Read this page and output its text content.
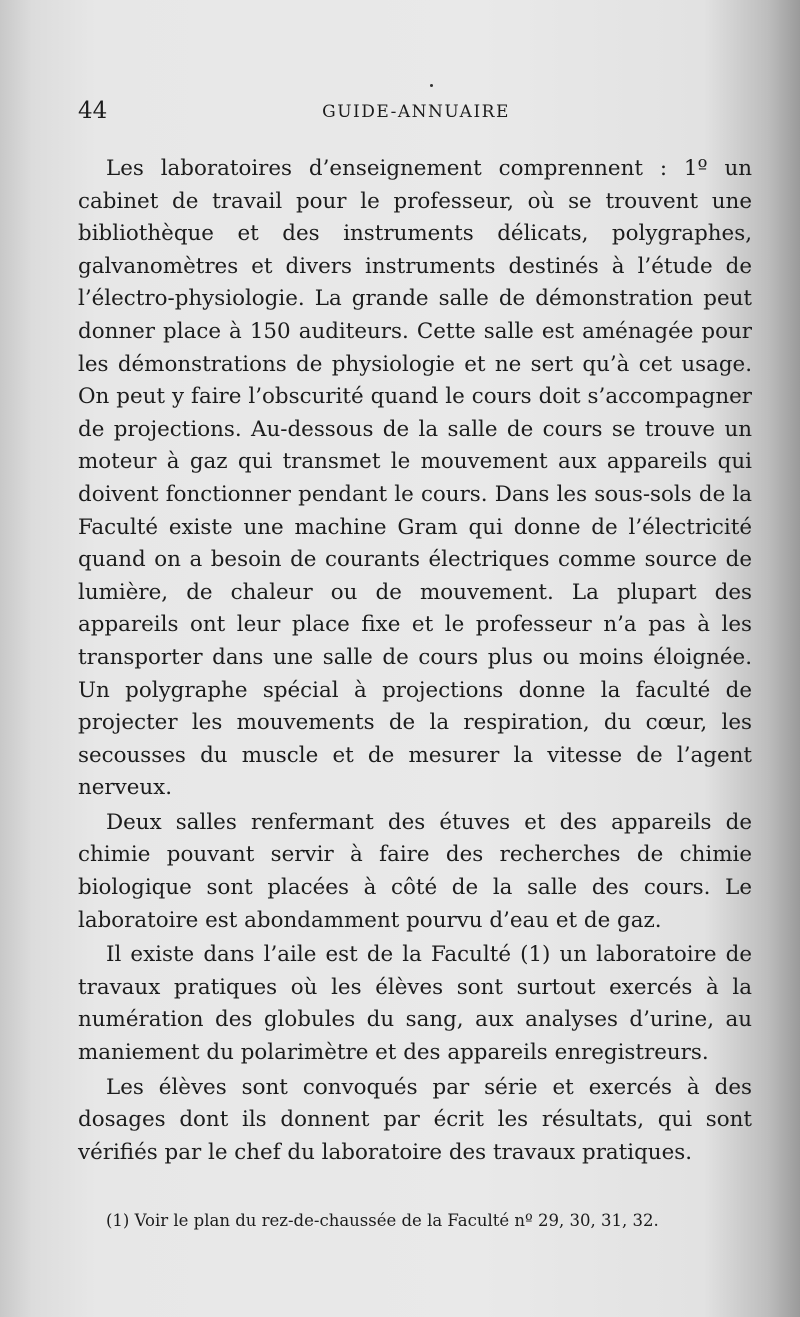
44	GUIDE-ANNUAIRE

Les laboratoires d’enseignement comprennent : 1º un cabinet de travail pour le professeur, où se trouvent une bibliothèque et des instruments délicats, polygraphes, galvanomètres et divers instruments destinés à l’étude de l’électro-physiologie. La grande salle de démonstration peut donner place à 150 auditeurs. Cette salle est aménagée pour les démonstrations de physiologie et ne sert qu’à cet usage. On peut y faire l’obscurité quand le cours doit s’accompagner de projections. Au-dessous de la salle de cours se trouve un moteur à gaz qui transmet le mouvement aux appareils qui doivent fonctionner pendant le cours. Dans les sous-sols de la Faculté existe une machine Gram qui donne de l’électricité quand on a besoin de courants électriques comme source de lumière, de chaleur ou de mouvement. La plupart des appareils ont leur place fixe et le professeur n’a pas à les transporter dans une salle de cours plus ou moins éloignée. Un polygraphe spécial à projections donne la faculté de projecter les mouvements de la respiration, du cœur, les secousses du muscle et de mesurer la vitesse de l’agent nerveux.

Deux salles renfermant des étuves et des appareils de chimie pouvant servir à faire des recherches de chimie biologique sont placées à côté de la salle des cours. Le laboratoire est abondamment pourvu d’eau et de gaz.

Il existe dans l’aile est de la Faculté (1) un laboratoire de travaux pratiques où les élèves sont surtout exercés à la numération des globules du sang, aux analyses d’urine, au maniement du polarimètre et des appareils enregistreurs.

Les élèves sont convoqués par série et exercés à des dosages dont ils donnent par écrit les résultats, qui sont vérifiés par le chef du laboratoire des travaux pratiques.

(1) Voir le plan du rez-de-chaussée de la Faculté nº 29, 30, 31, 32.
